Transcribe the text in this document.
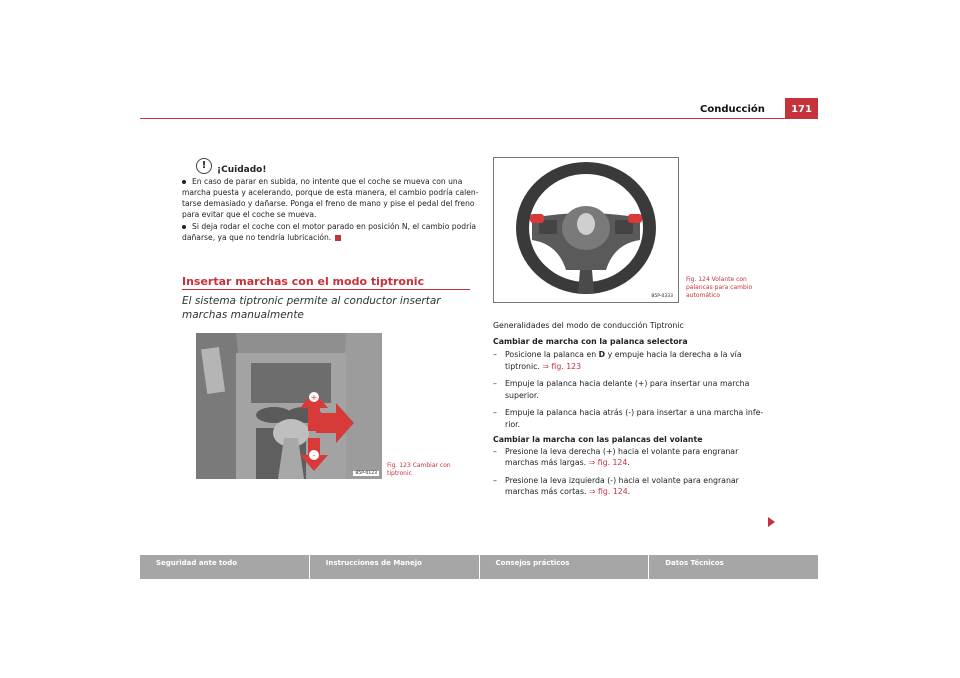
Conducción	171
!	¡Cuidado!
En caso de parar en subida, no intente que el coche se mueva con una
marcha puesta y acelerando, porque de esta manera, el cambio podría calen-
tarse demasiado y dañarse. Ponga el freno de mano y pise el pedal del freno
para evitar que el coche se mueva.
Si deja rodar el coche con el motor parado en posición N, el cambio podría
dañarse, ya que no tendría lubricación.
Insertar marchas con el modo tiptronic
El sistema tiptronic permite al conductor insertar marchas manualmente
+
-
B5P-0123
Fig. 123 Cambiar con
tiptronic
B5P-0333
Fig. 124 Volante con
palancas para cambio
automático
Generalidades del modo de conducción Tiptronic
Cambiar de marcha con la palanca selectora
– Posicione la palanca en D y empuje hacia la derecha a la vía
tiptronic. ⇒ fig. 123
– Empuje la palanca hacia delante (+) para insertar una marcha
superior.
– Empuje la palanca hacia atrás (-) para insertar a una marcha infe-
rior.
Cambiar la marcha con las palancas del volante
– Presione la leva derecha (+) hacia el volante para engranar
marchas más largas. ⇒ fig. 124.
– Presione la leva izquierda (-) hacia el volante para engranar
marchas más cortas. ⇒ fig. 124.
Seguridad ante todo	Instrucciones de Manejo	Consejos prácticos	Datos Técnicos
